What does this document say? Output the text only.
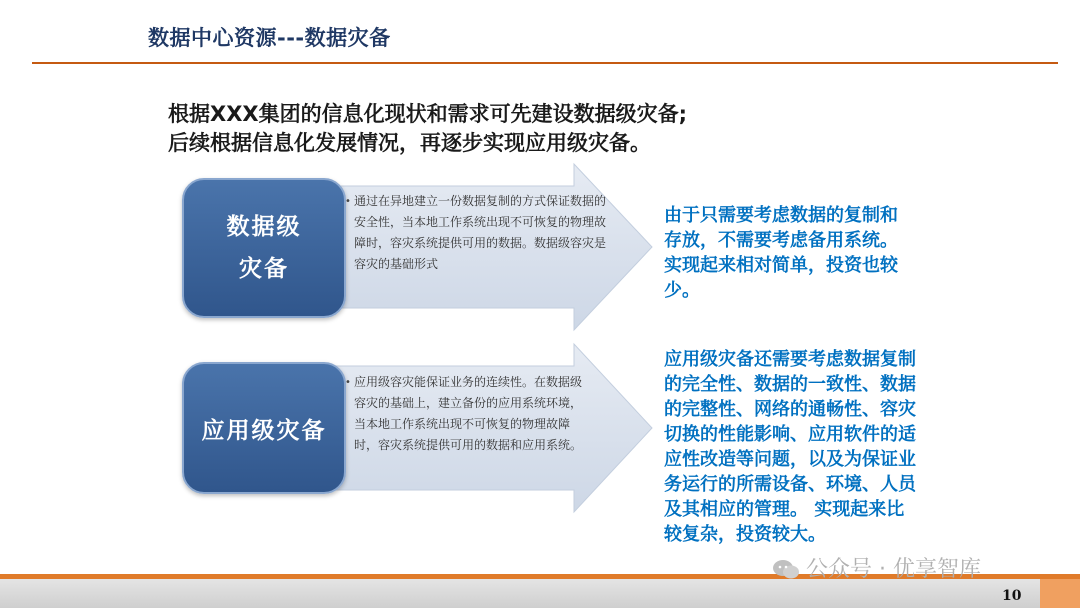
数据中心资源---数据灾备
根据XXX集团的信息化现状和需求可先建设数据级灾备;
后续根据信息化发展情况，再逐步实现应用级灾备。
数据级
灾备
• 通过在异地建立一份数据复制的方式保证数据的安全性，当本地工作系统出现不可恢复的物理故障时，容灾系统提供可用的数据。数据级容灾是容灾的基础形式
由于只需要考虑数据的复制和存放，不需要考虑备用系统。实现起来相对简单，投资也较少。
应用级灾备
• 应用级容灾能保证业务的连续性。在数据级容灾的基础上，建立备份的应用系统环境，当本地工作系统出现不可恢复的物理故障时，容灾系统提供可用的数据和应用系统。
应用级灾备还需要考虑数据复制的完全性、数据的一致性、数据的完整性、网络的通畅性、容灾切换的性能影响、应用软件的适应性改造等问题，以及为保证业务运行的所需设备、环境、人员及其相应的管理。 实现起来比较复杂，投资较大。
10
公众号 · 优享智库
